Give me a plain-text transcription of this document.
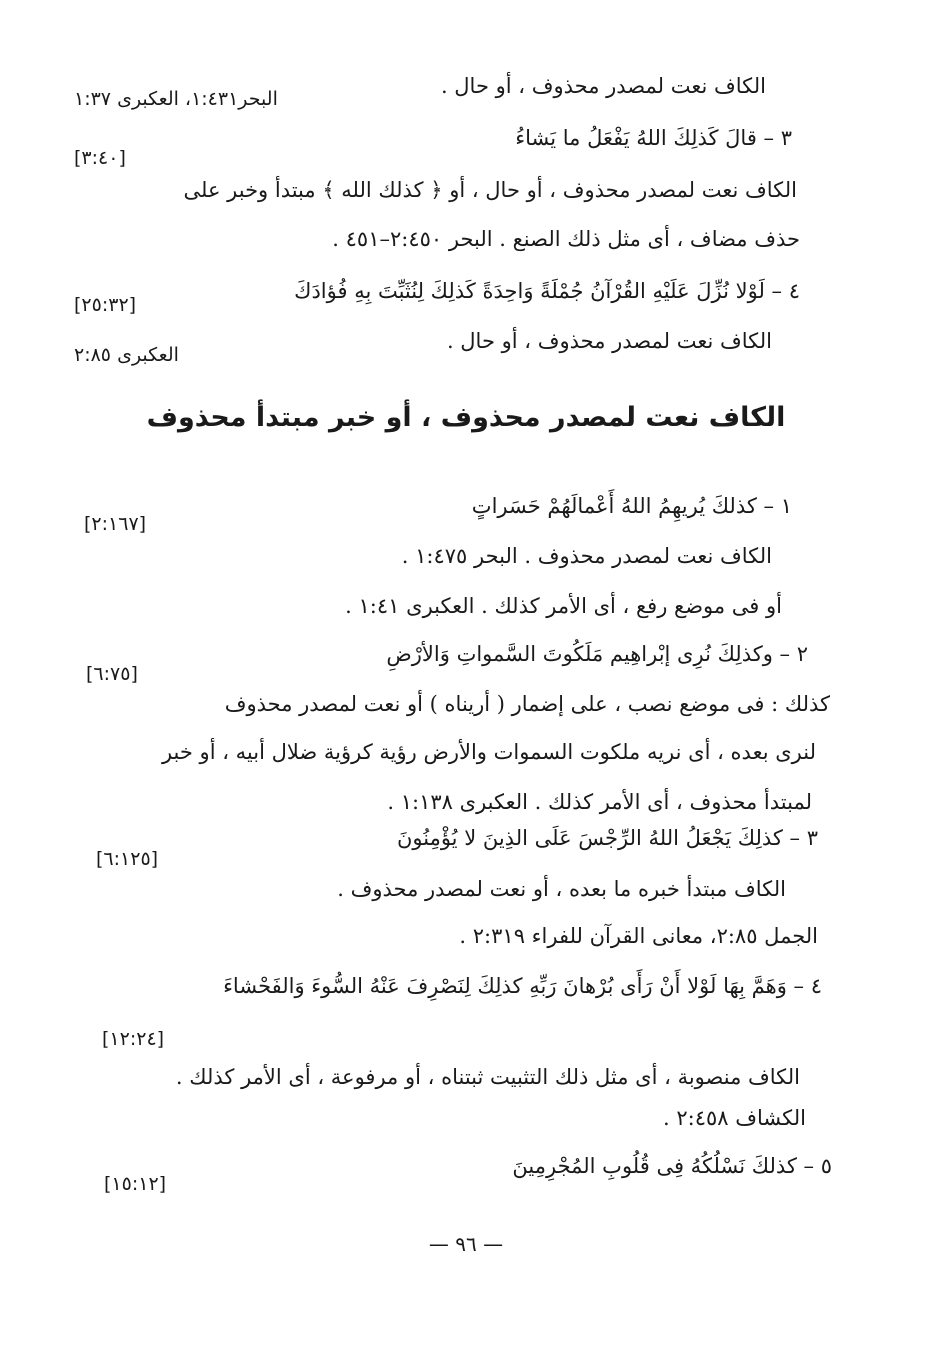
الكاف نعت لمصدر محذوف ، أو حال .
البحر١:٤٣١، العكبرى ١:٣٧
٣ – قالَ كَذلِكَ اللهُ يَفْعَلُ ما يَشاءُ
[٣:٤٠]
الكاف نعت لمصدر محذوف ، أو حال ، أو ﴿ كذلك الله ﴾ مبتدأ وخبر على
حذف مضاف ، أى مثل ذلك الصنع . البحر ٢:٤٥٠–٤٥١ .
٤ – لَوْلا نُزِّلَ عَلَيْهِ القُرْآنُ جُمْلَةً وَاحِدَةً كَذلِكَ لِنُثَبِّتَ بِهِ فُؤادَكَ
[٢٥:٣٢]
الكاف نعت لمصدر محذوف ، أو حال .
العكبرى ٢:٨٥
١ – كذلكَ يُريهِمُ اللهُ أَعْمالَهُمْ حَسَراتٍ
[٢:١٦٧]
الكاف نعت لمصدر محذوف . البحر ١:٤٧٥ .
أو فى موضع رفع ، أى الأمر كذلك . العكبرى ١:٤١ .
٢ – وكذلِكَ نُرِى إبْراهِيم مَلَكُوتَ السَّمواتِ وَالأرْضِ
[٦:٧٥]
كذلك : فى موضع نصب ، على إضمار ( أريناه ) أو نعت لمصدر محذوف
لنرى بعده ، أى نريه ملكوت السموات والأرض رؤية كرؤية ضلال أبيه ، أو خبر
لمبتدأ محذوف ، أى الأمر كذلك . العكبرى ١:١٣٨ .
٣ – كذلِكَ يَجْعَلُ اللهُ الرِّجْسَ عَلَى الذِينَ لا يُؤْمِنُونَ
[٦:١٢٥]
الكاف مبتدأ خبره ما بعده ، أو نعت لمصدر محذوف .
الجمل ٢:٨٥، معانى القرآن للفراء ٢:٣١٩ .
٤ – وَهَمَّ بِهَا لَوْلا أَنْ رَأَى بُرْهانَ رَبِّهِ كذلِكَ لِنَصْرِفَ عَنْهُ السُّوءَ وَالفَحْشاءَ
[١٢:٢٤]
الكاف منصوبة ، أى مثل ذلك التثبيت ثبتناه ، أو مرفوعة ، أى الأمر كذلك .
الكشاف ٢:٤٥٨ .
٥ – كذلكَ نَسْلُكُهُ فِى قُلُوبِ المُجْرِمِينَ
[١٥:١٢]
الكاف نعت لمصدر محذوف ، أو خبر مبتدأ محذوف
— ٩٦ —
